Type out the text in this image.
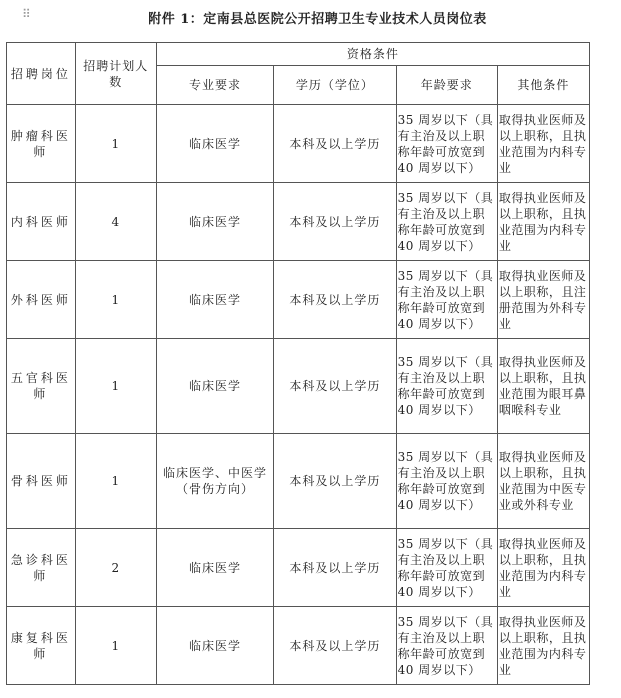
⠿	附件 1：定南县总医院公开招聘卫生专业技术人员岗位表
招聘岗位	招聘计划人数	资格条件			
		专业要求	学历（学位）	年龄要求	其他条件
肿瘤科医师	1	临床医学	本科及以上学历	35 周岁以下（具有主治及以上职称年龄可放宽到 40 周岁以下）	取得执业医师及以上职称，且执业范围为内科专业
内科医师	4	临床医学	本科及以上学历	35 周岁以下（具有主治及以上职称年龄可放宽到 40 周岁以下）	取得执业医师及以上职称，且执业范围为内科专业
外科医师	1	临床医学	本科及以上学历	35 周岁以下（具有主治及以上职称年龄可放宽到 40 周岁以下）	取得执业医师及以上职称，且注册范围为外科专业
五官科医师	1	临床医学	本科及以上学历	35 周岁以下（具有主治及以上职称年龄可放宽到 40 周岁以下）	取得执业医师及以上职称，且执业范围为眼耳鼻咽喉科专业
骨科医师	1	临床医学、中医学（骨伤方向）	本科及以上学历	35 周岁以下（具有主治及以上职称年龄可放宽到 40 周岁以下）	取得执业医师及以上职称，且执业范围为中医专业或外科专业
急诊科医师	2	临床医学	本科及以上学历	35 周岁以下（具有主治及以上职称年龄可放宽到 40 周岁以下）	取得执业医师及以上职称，且执业范围为内科专业
康复科医师	1	临床医学	本科及以上学历	35 周岁以下（具有主治及以上职称年龄可放宽到 40 周岁以下）	取得执业医师及以上职称，且执业范围为内科专业
